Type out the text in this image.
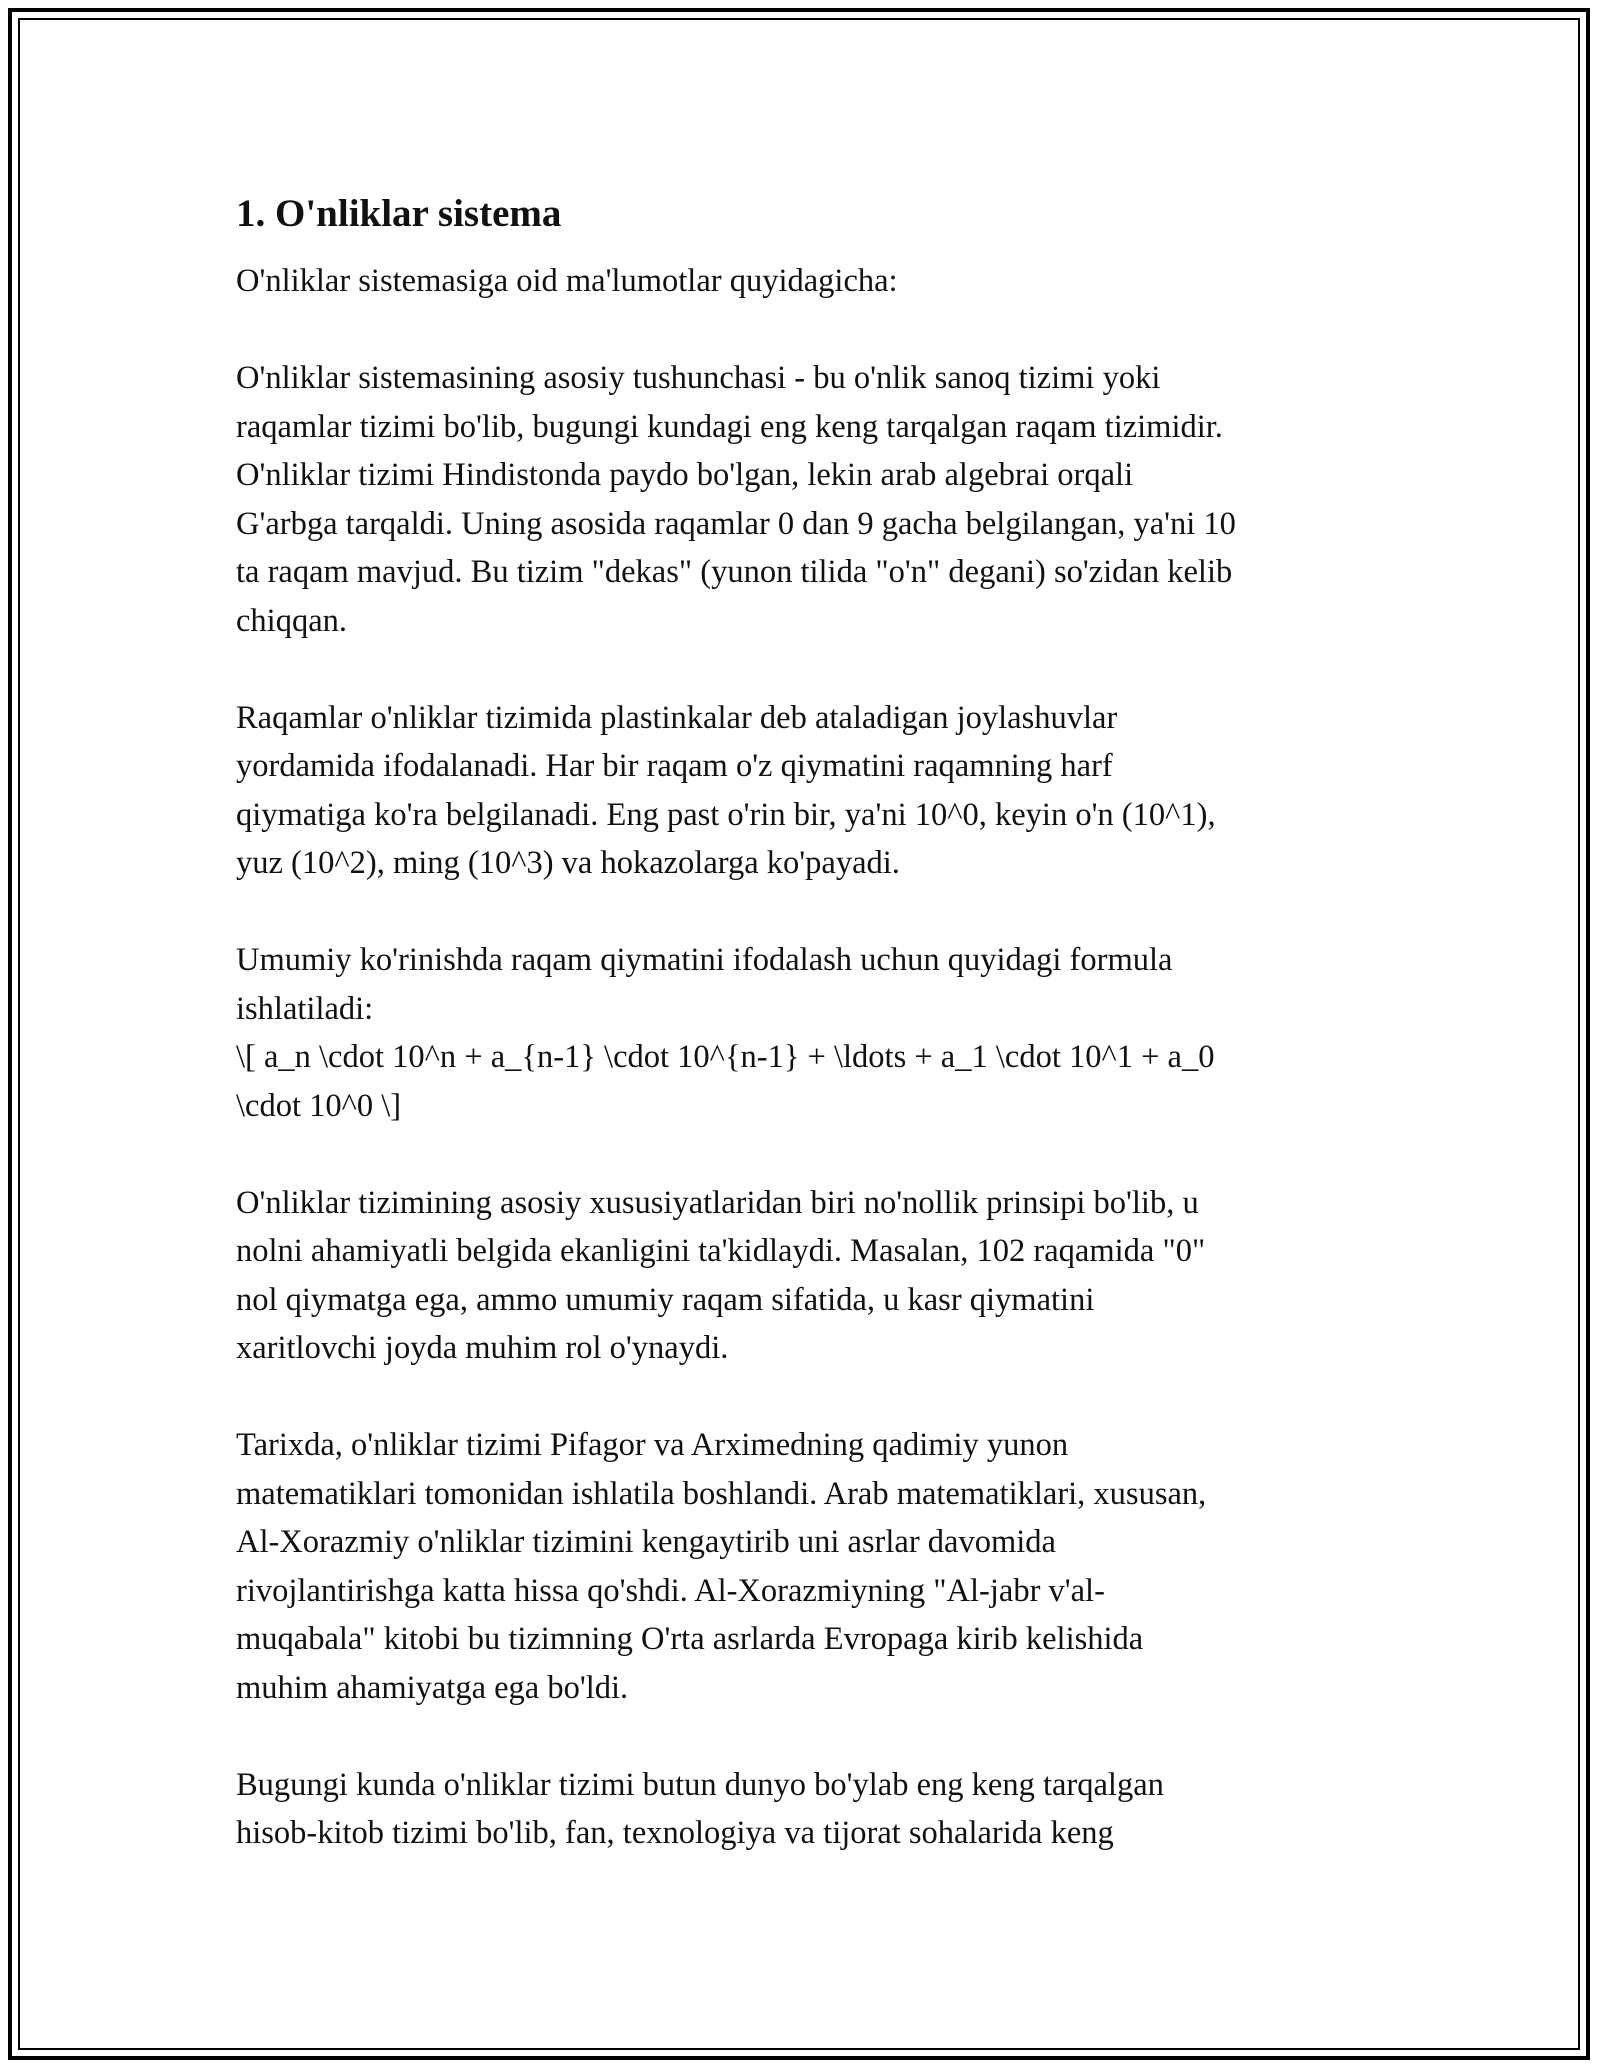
1. O'nliklar sistema
O'nliklar sistemasiga oid ma'lumotlar quyidagicha:
O'nliklar sistemasining asosiy tushunchasi - bu o'nlik sanoq tizimi yoki
raqamlar tizimi bo'lib, bugungi kundagi eng keng tarqalgan raqam tizimidir.
O'nliklar tizimi Hindistonda paydo bo'lgan, lekin arab algebrai orqali
G'arbga tarqaldi. Uning asosida raqamlar 0 dan 9 gacha belgilangan, ya'ni 10
ta raqam mavjud. Bu tizim "dekas" (yunon tilida "o'n" degani) so'zidan kelib
chiqqan.
Raqamlar o'nliklar tizimida plastinkalar deb ataladigan joylashuvlar
yordamida ifodalanadi. Har bir raqam o'z qiymatini raqamning harf
qiymatiga ko'ra belgilanadi. Eng past o'rin bir, ya'ni 10^0, keyin o'n (10^1),
yuz (10^2), ming (10^3) va hokazolarga ko'payadi.
Umumiy ko'rinishda raqam qiymatini ifodalash uchun quyidagi formula
ishlatiladi:
\[ a_n \cdot 10^n + a_{n-1} \cdot 10^{n-1} + \ldots + a_1 \cdot 10^1 + a_0
\cdot 10^0 \]
O'nliklar tizimining asosiy xususiyatlaridan biri no'nollik prinsipi bo'lib, u
nolni ahamiyatli belgida ekanligini ta'kidlaydi. Masalan, 102 raqamida "0"
nol qiymatga ega, ammo umumiy raqam sifatida, u kasr qiymatini
xaritlovchi joyda muhim rol o'ynaydi.
Tarixda, o'nliklar tizimi Pifagor va Arximedning qadimiy yunon
matematiklari tomonidan ishlatila boshlandi. Arab matematiklari, xususan,
Al-Xorazmiy o'nliklar tizimini kengaytirib uni asrlar davomida
rivojlantirishga katta hissa qo'shdi. Al-Xorazmiyning "Al-jabr v'al-
muqabala" kitobi bu tizimning O'rta asrlarda Evropaga kirib kelishida
muhim ahamiyatga ega bo'ldi.
Bugungi kunda o'nliklar tizimi butun dunyo bo'ylab eng keng tarqalgan
hisob-kitob tizimi bo'lib, fan, texnologiya va tijorat sohalarida keng
